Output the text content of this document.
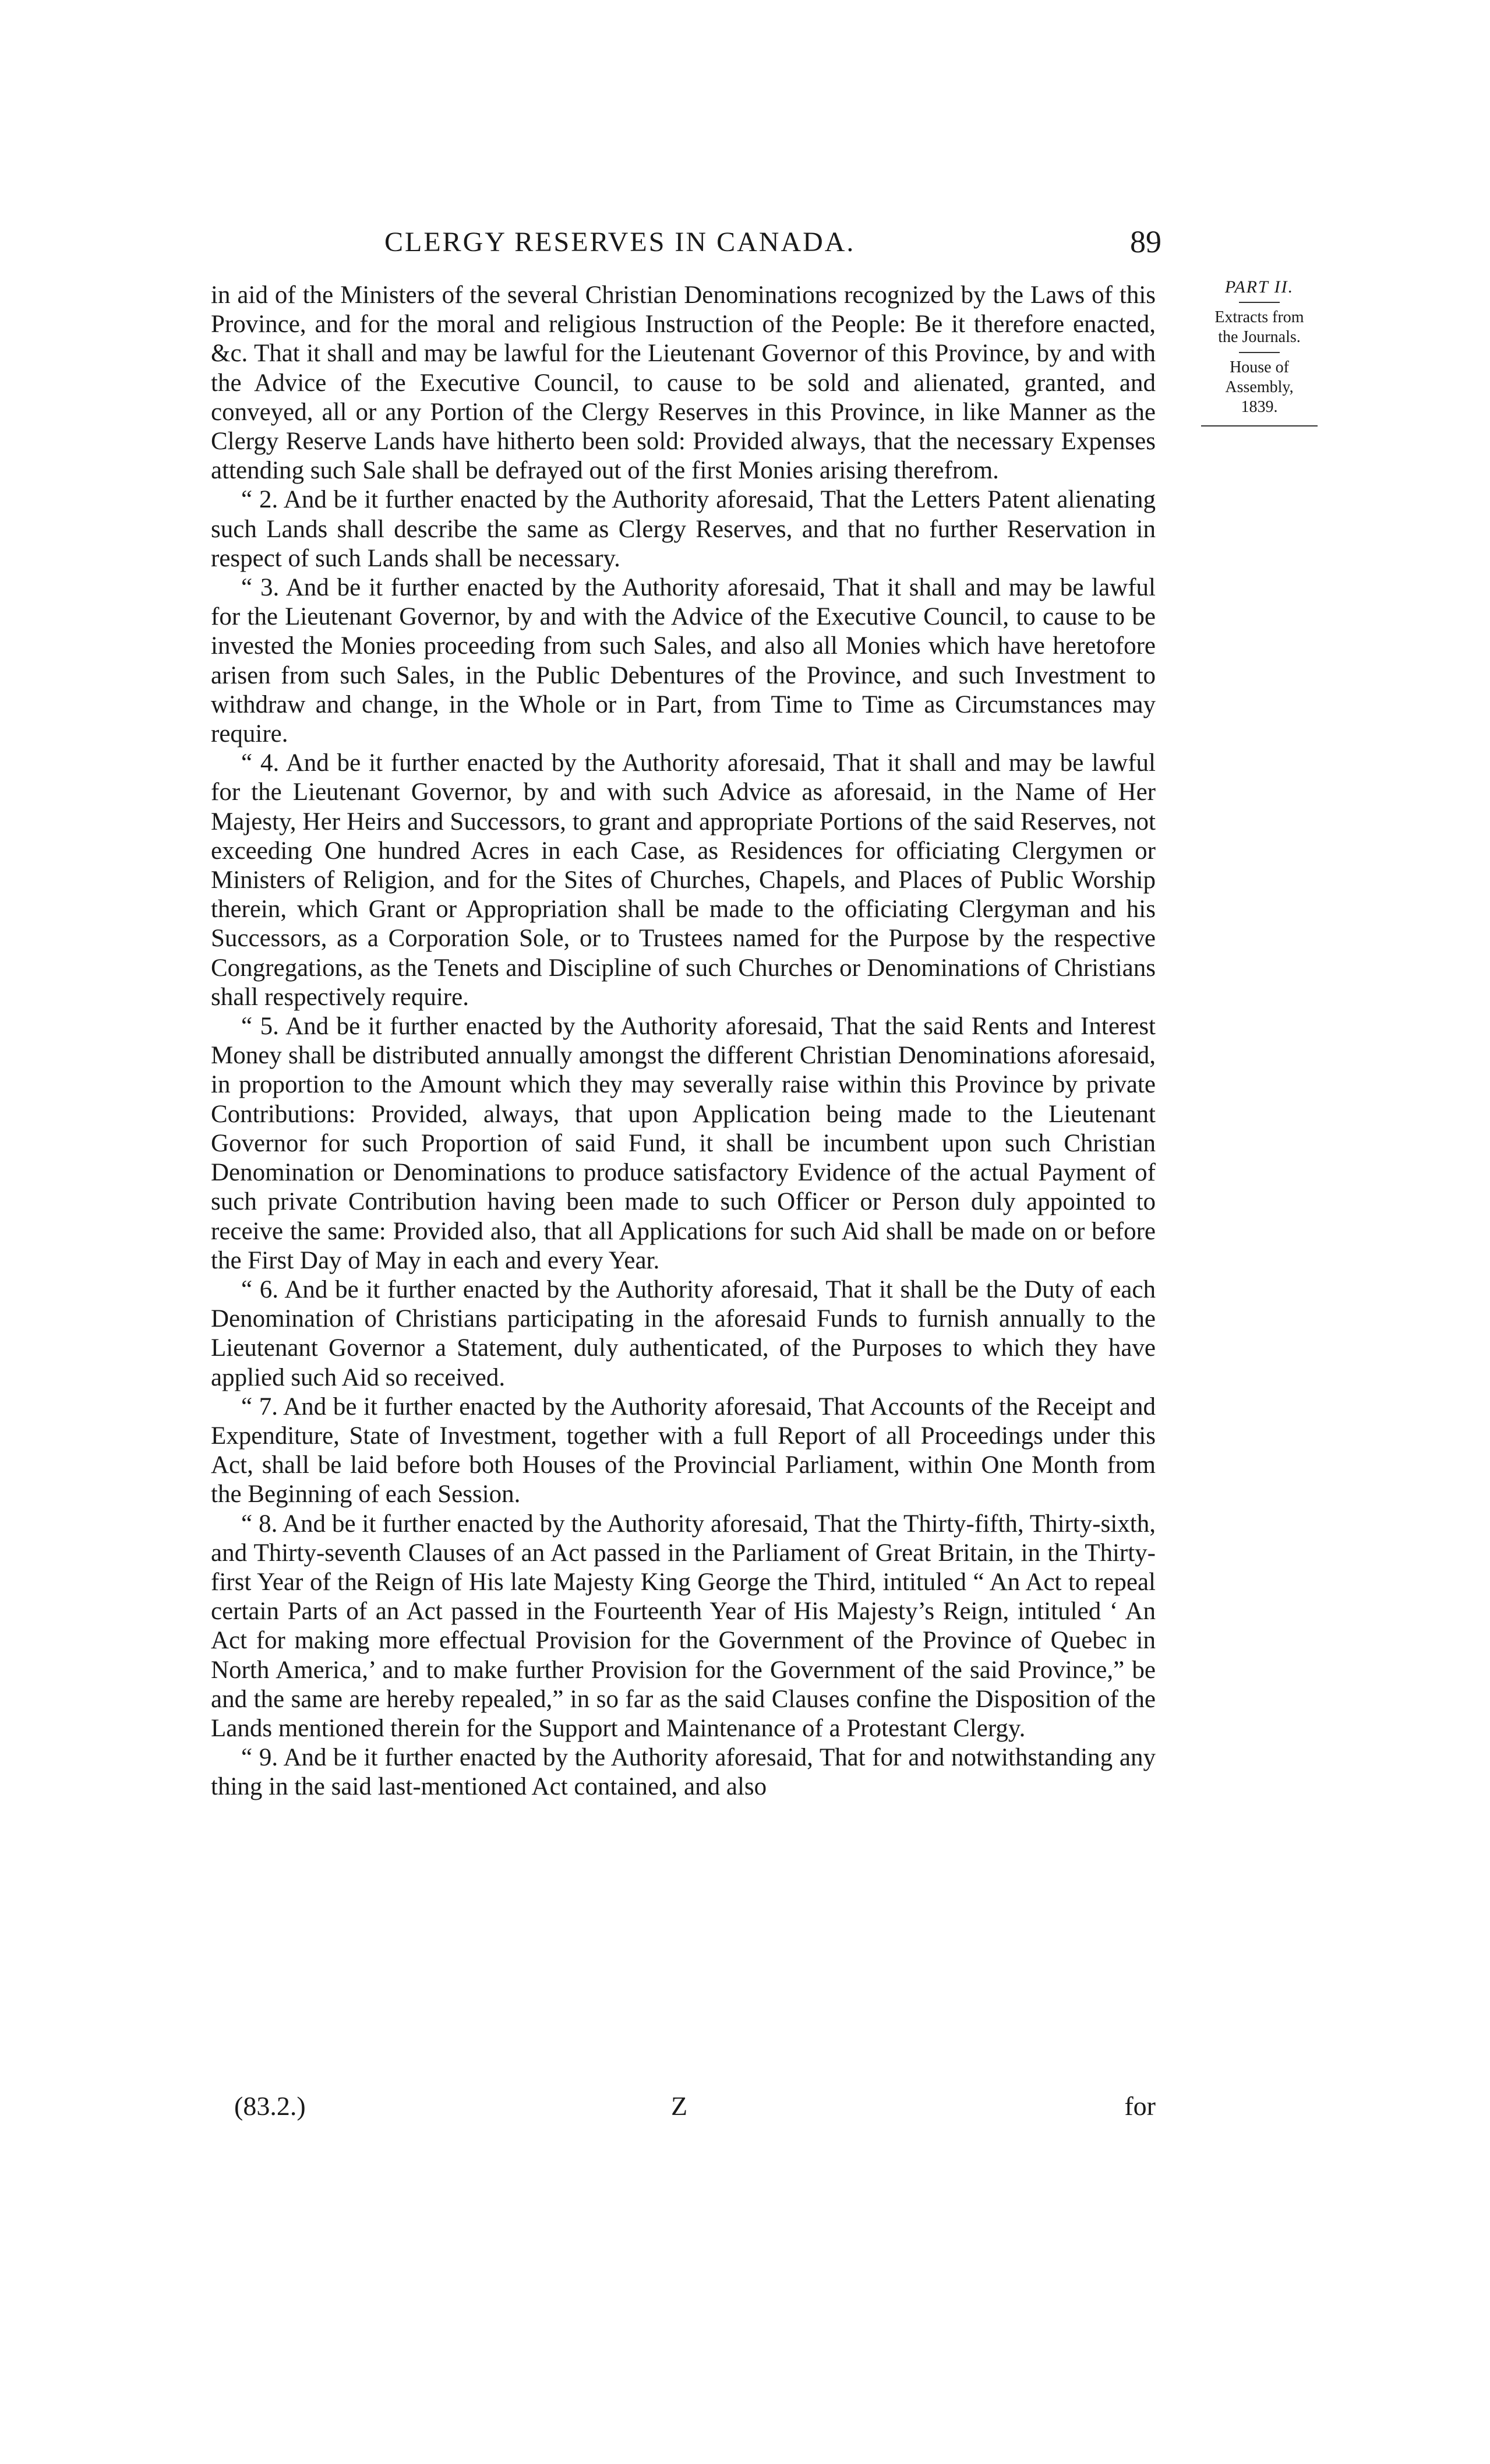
CLERGY RESERVES IN CANADA.	89
PART II.
Extracts from
the Journals.
House of
Assembly,
1839.

in aid of the Ministers of the several Christian Denominations recognized by the Laws of this Province, and for the moral and religious Instruction of the People: Be it therefore enacted, &c. That it shall and may be lawful for the Lieutenant Governor of this Province, by and with the Advice of the Executive Council, to cause to be sold and alienated, granted, and conveyed, all or any Portion of the Clergy Reserves in this Province, in like Manner as the Clergy Reserve Lands have hitherto been sold: Provided always, that the necessary Expenses attending such Sale shall be defrayed out of the first Monies arising therefrom.

“ 2. And be it further enacted by the Authority aforesaid, That the Letters Patent alienating such Lands shall describe the same as Clergy Reserves, and that no further Reservation in respect of such Lands shall be necessary.

“ 3. And be it further enacted by the Authority aforesaid, That it shall and may be lawful for the Lieutenant Governor, by and with the Advice of the Executive Council, to cause to be invested the Monies proceeding from such Sales, and also all Monies which have heretofore arisen from such Sales, in the Public Debentures of the Province, and such Investment to withdraw and change, in the Whole or in Part, from Time to Time as Circumstances may require.

“ 4. And be it further enacted by the Authority aforesaid, That it shall and may be lawful for the Lieutenant Governor, by and with such Advice as aforesaid, in the Name of Her Majesty, Her Heirs and Successors, to grant and appropriate Portions of the said Reserves, not exceeding One hundred Acres in each Case, as Residences for officiating Clergymen or Ministers of Religion, and for the Sites of Churches, Chapels, and Places of Public Worship therein, which Grant or Appropriation shall be made to the officiating Clergyman and his Successors, as a Corporation Sole, or to Trustees named for the Purpose by the respective Congregations, as the Tenets and Discipline of such Churches or Denominations of Christians shall respectively require.

“ 5. And be it further enacted by the Authority aforesaid, That the said Rents and Interest Money shall be distributed annually amongst the different Christian Denominations aforesaid, in proportion to the Amount which they may severally raise within this Province by private Contributions: Provided, always, that upon Application being made to the Lieutenant Governor for such Proportion of said Fund, it shall be incumbent upon such Christian Denomination or Denominations to produce satisfactory Evidence of the actual Payment of such private Contribution having been made to such Officer or Person duly appointed to receive the same: Provided also, that all Applications for such Aid shall be made on or before the First Day of May in each and every Year.

“ 6. And be it further enacted by the Authority aforesaid, That it shall be the Duty of each Denomination of Christians participating in the aforesaid Funds to furnish annually to the Lieutenant Governor a Statement, duly authenticated, of the Purposes to which they have applied such Aid so received.

“ 7. And be it further enacted by the Authority aforesaid, That Accounts of the Receipt and Expenditure, State of Investment, together with a full Report of all Proceedings under this Act, shall be laid before both Houses of the Provincial Parliament, within One Month from the Beginning of each Session.

“ 8. And be it further enacted by the Authority aforesaid, That the Thirty-fifth, Thirty-sixth, and Thirty-seventh Clauses of an Act passed in the Parliament of Great Britain, in the Thirty-first Year of the Reign of His late Majesty King George the Third, intituled “ An Act to repeal certain Parts of an Act passed in the Fourteenth Year of His Majesty’s Reign, intituled ‘ An Act for making more effectual Provision for the Government of the Province of Quebec in North America,’ and to make further Provision for the Government of the said Province,” be and the same are hereby repealed,” in so far as the said Clauses confine the Disposition of the Lands mentioned therein for the Support and Maintenance of a Protestant Clergy.

“ 9. And be it further enacted by the Authority aforesaid, That for and notwithstanding any thing in the said last-mentioned Act contained, and also

(83.2.)	Z	for
